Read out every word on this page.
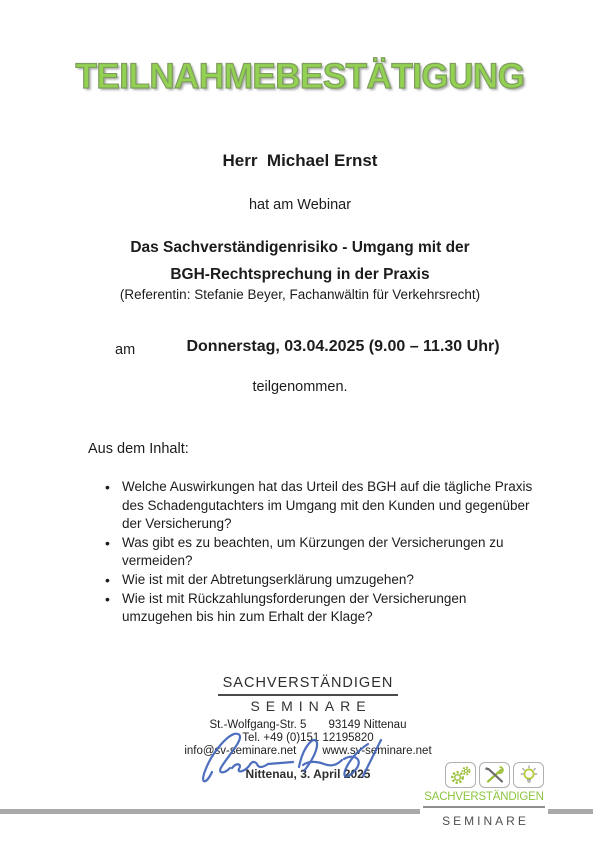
TEILNAHMEBESTÄTIGUNG
Herr  Michael Ernst
hat am Webinar
Das Sachverständigenrisiko - Umgang mit der
BGH-Rechtsprechung in der Praxis
(Referentin: Stefanie Beyer, Fachanwältin für Verkehrsrecht)
am	Donnerstag, 03.04.2025 (9.00 – 11.30 Uhr)
teilgenommen.
Aus dem Inhalt:
• Welche Auswirkungen hat das Urteil des BGH auf die tägliche Praxis
des Schadengutachters im Umgang mit den Kunden und gegenüber
der Versicherung?
• Was gibt es zu beachten, um Kürzungen der Versicherungen zu
vermeiden?
• Wie ist mit der Abtretungserklärung umzugehen?
• Wie ist mit Rückzahlungsforderungen der Versicherungen
umzugehen bis hin zum Erhalt der Klage?
SACHVERSTÄNDIGEN
SEMINARE
St.-Wolfgang-Str. 5 93149 Nittenau
Tel. +49 (0)151 12195820
info@sv-seminare.net www.sv-seminare.net
Nittenau, 3. April 2025
SACHVERSTÄNDIGEN
SEMINARE
